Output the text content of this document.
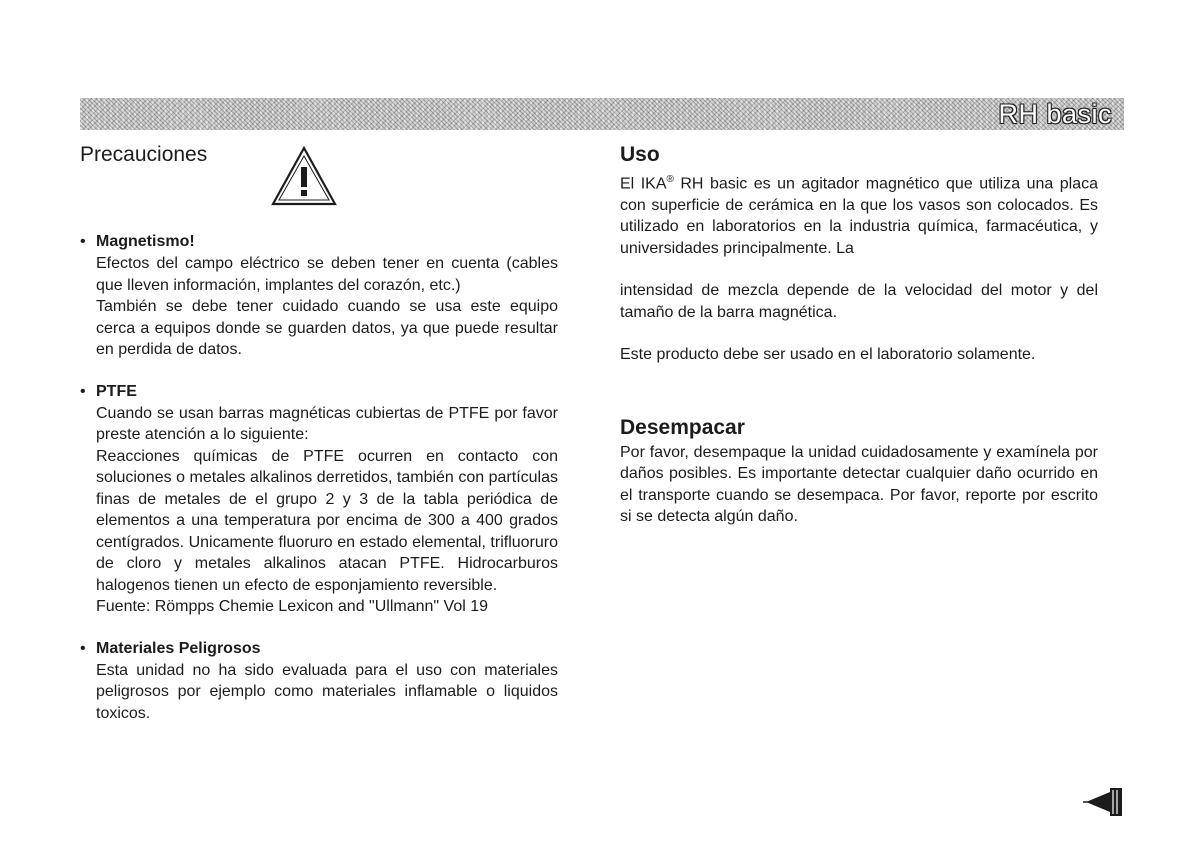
RH basic
Precauciones
• Magnetismo!

Efectos del campo eléctrico se deben tener en cuenta (cables que lleven información, implantes del corazón, etc.)

También se debe tener cuidado cuando se usa este equipo cerca a equipos donde se guarden datos, ya que puede resultar en perdida de datos.

• PTFE

Cuando se usan barras magnéticas cubiertas de PTFE por favor preste atención a lo siguiente:

Reacciones químicas de PTFE ocurren en contacto con soluciones o metales alkalinos derretidos, también con partículas finas de metales de el grupo 2 y 3 de la tabla periódica de elementos a una temperatura por encima de 300 a 400 grados centígrados. Unicamente fluoruro en estado elemental, trifluoruro de cloro y metales alkalinos atacan PTFE. Hidrocarburos halogenos tienen un efecto de esponjamiento reversible.

Fuente: Römpps Chemie Lexicon and "Ullmann" Vol 19

• Materiales Peligrosos

Esta unidad no ha sido evaluada para el uso con materiales peligrosos por ejemplo como materiales inflamable o liquidos toxicos.

Uso

El IKA® RH basic es un agitador magnético que utiliza una placa con superficie de cerámica en la que los vasos son colocados. Es utilizado en laboratorios en la industria química, farmacéutica, y universidades principalmente. La

intensidad de mezcla depende de la velocidad del motor y del tamaño de la barra magnética.

Este producto debe ser usado en el laboratorio solamente.

Desempacar

Por favor, desempaque la unidad cuidadosamente y examínela por daños posibles. Es importante detectar cualquier daño ocurrido en el transporte cuando se desempaca. Por favor, reporte por escrito si se detecta algún daño.
